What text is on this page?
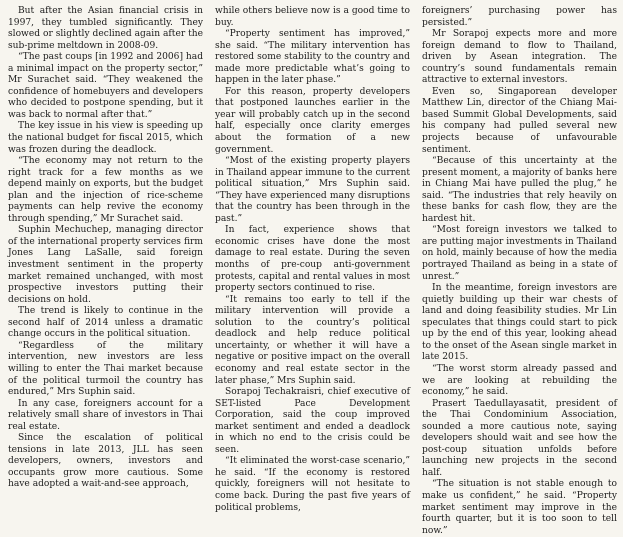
But after the Asian financial crisis in 1997, they tumbled significantly. They slowed or slightly declined again after the sub-prime meltdown in 2008-09.

“The past coups [in 1992 and 2006] had a minimal impact on the property sector,” Mr Surachet said. “They weakened the confidence of homebuyers and developers who decided to postpone spending, but it was back to normal after that.”

The key issue in his view is speeding up the national budget for fiscal 2015, which was frozen during the deadlock.

“The economy may not return to the right track for a few months as we depend mainly on exports, but the budget plan and the injection of rice-scheme payments can help revive the economy through spending,” Mr Surachet said.

Suphin Mechuchep, managing director of the international property services firm Jones Lang LaSalle, said foreign investment sentiment in the property market remained unchanged, with most prospective investors putting their decisions on hold.

The trend is likely to continue in the second half of 2014 unless a dramatic change occurs in the political situation.

“Regardless of the military intervention, new investors are less willing to enter the Thai market because of the political turmoil the country has endured,” Mrs Suphin said.

In any case, foreigners account for a relatively small share of investors in Thai real estate.

Since the escalation of political tensions in late 2013, JLL has seen developers, owners, investors and occupants grow more cautious. Some have adopted a wait-and-see approach,

while others believe now is a good time to buy.

“Property sentiment has improved,” she said. “The military intervention has restored some stability to the country and made more predictable what’s going to happen in the later phase.”

For this reason, property developers that postponed launches earlier in the year will probably catch up in the second half, especially once clarity emerges about the formation of a new government.

“Most of the existing property players in Thailand appear immune to the current political situation,” Mrs Suphin said. “They have experienced many disruptions that the country has been through in the past.”

In fact, experience shows that economic crises have done the most damage to real estate. During the seven months of pre-coup anti-government protests, capital and rental values in most property sectors continued to rise.

“It remains too early to tell if the military intervention will provide a solution to the country’s political deadlock and help reduce political uncertainty, or whether it will have a negative or positive impact on the overall economy and real estate sector in the later phase,” Mrs Suphin said.

Sorapoj Techakraisri, chief executive of SET-listed Pace Development Corporation, said the coup improved market sentiment and ended a deadlock in which no end to the crisis could be seen.

“It eliminated the worst-case scenario,” he said. “If the economy is restored quickly, foreigners will not hesitate to come back. During the past five years of political problems,

foreigners’ purchasing power has persisted.”

Mr Sorapoj expects more and more foreign demand to flow to Thailand, driven by Asean integration. The country’s sound fundamentals remain attractive to external investors.

Even so, Singaporean developer Matthew Lin, director of the Chiang Mai-based Summit Global Developments, said his company had pulled several new projects because of unfavourable sentiment.

“Because of this uncertainty at the present moment, a majority of banks here in Chiang Mai have pulled the plug,” he said. “The industries that rely heavily on these banks for cash flow, they are the hardest hit.

“Most foreign investors we talked to are putting major investments in Thailand on hold, mainly because of how the media portrayed Thailand as being in a state of unrest.”

In the meantime, foreign investors are quietly building up their war chests of land and doing feasibility studies. Mr Lin speculates that things could start to pick up by the end of this year, looking ahead to the onset of the Asean single market in late 2015.

“The worst storm already passed and we are looking at rebuilding the economy,” he said.

Prasert Taedullayasatit, president of the Thai Condominium Association, sounded a more cautious note, saying developers should wait and see how the post-coup situation unfolds before launching new projects in the second half.

“The situation is not stable enough to make us confident,” he said. “Property market sentiment may improve in the fourth quarter, but it is too soon to tell now.”
